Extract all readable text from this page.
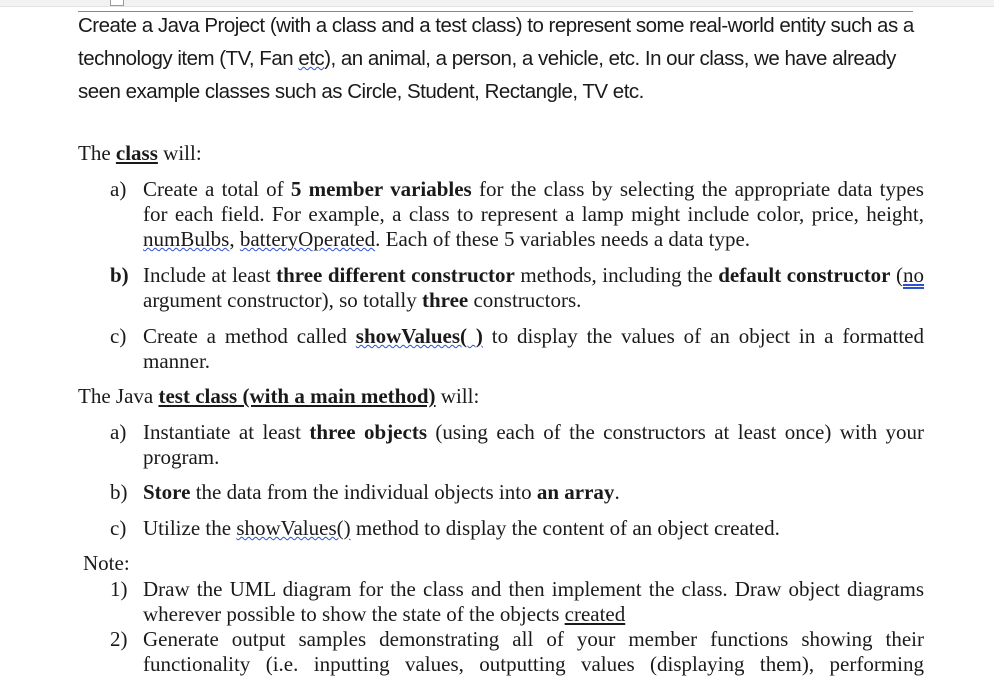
Create a Java Project (with a class and a test class) to represent some real-world entity such as a technology item (TV, Fan etc), an animal, a person, a vehicle, etc. In our class, we have already seen example classes such as Circle, Student, Rectangle, TV etc.

The class will:

a) Create a total of 5 member variables for the class by selecting the appropriate data types for each field. For example, a class to represent a lamp might include color, price, height, numBulbs, batteryOperated. Each of these 5 variables needs a data type.

b) Include at least three different constructor methods, including the default constructor (no argument constructor), so totally three constructors.

c) Create a method called showValues( ) to display the values of an object in a formatted manner.

The Java test class (with a main method) will:

a) Instantiate at least three objects (using each of the constructors at least once) with your program.

b) Store the data from the individual objects into an array.

c) Utilize the showValues() method to display the content of an object created.

Note:

1) Draw the UML diagram for the class and then implement the class. Draw object diagrams wherever possible to show the state of the objects created

2) Generate output samples demonstrating all of your member functions showing their functionality (i.e. inputting values, outputting values (displaying them), performing
